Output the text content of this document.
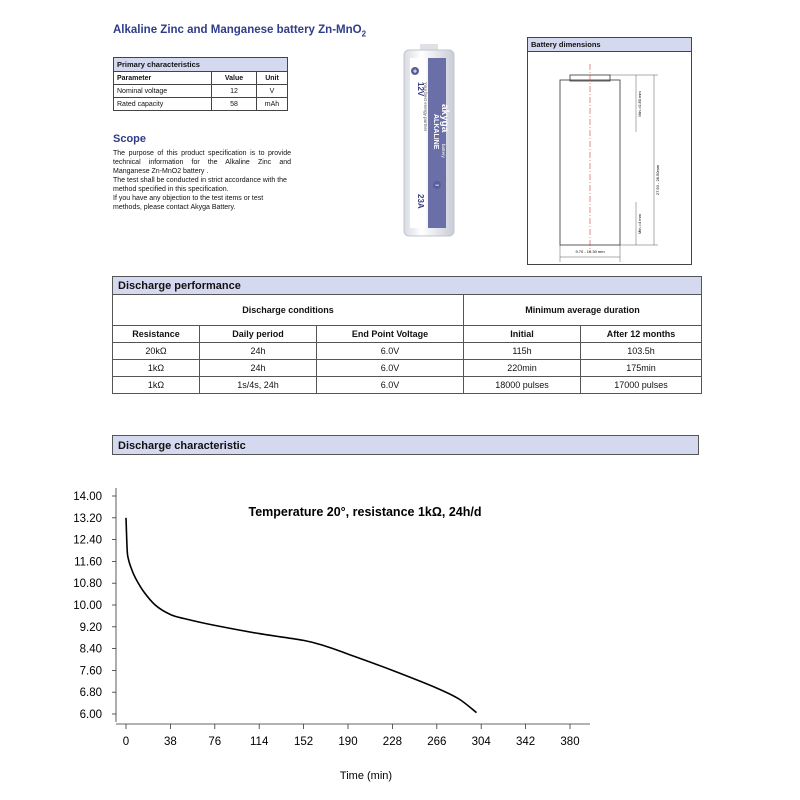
Alkaline Zinc and Manganese battery Zn-MnO$_2$
Primary characteristics		
Parameter	Value	Unit
Nominal voltage	12	V
Rated capacity	58	mAh
Scope

The purpose of this product specification is to provide technical information for the Alkaline Zinc and Manganese Zn-MnO2 battery .

The test shall be conducted in strict accordance with the method specified in this specification.

If you have any objection to the test items or test methods, please contact Akyga Battery.

+
−
12V
Your best energy partner
ALKALINE akyga
battery
23A
Battery dimensions
9.70 - 10.30 mm
27.50 - 28.50mm
Min.=0.80 mm
Min.=4 mm
Discharge performance				
Discharge conditions			Minimum average duration	
Resistance	Daily period	End Point Voltage	Initial	After 12 months
20kΩ	24h	6.0V	115h	103.5h
1kΩ	24h	6.0V	220min	175min
1kΩ	1s/4s, 24h	6.0V	18000 pulses	17000 pulses
Discharge characteristic
Temperature 20°, resistance 1kΩ, 24h/d
14.00
13.20
12.40
11.60
10.80
10.00
9.20
8.40
7.60
6.80
6.00
0	38	76	114 152 190 228 266 304 342 380
Time (min)
